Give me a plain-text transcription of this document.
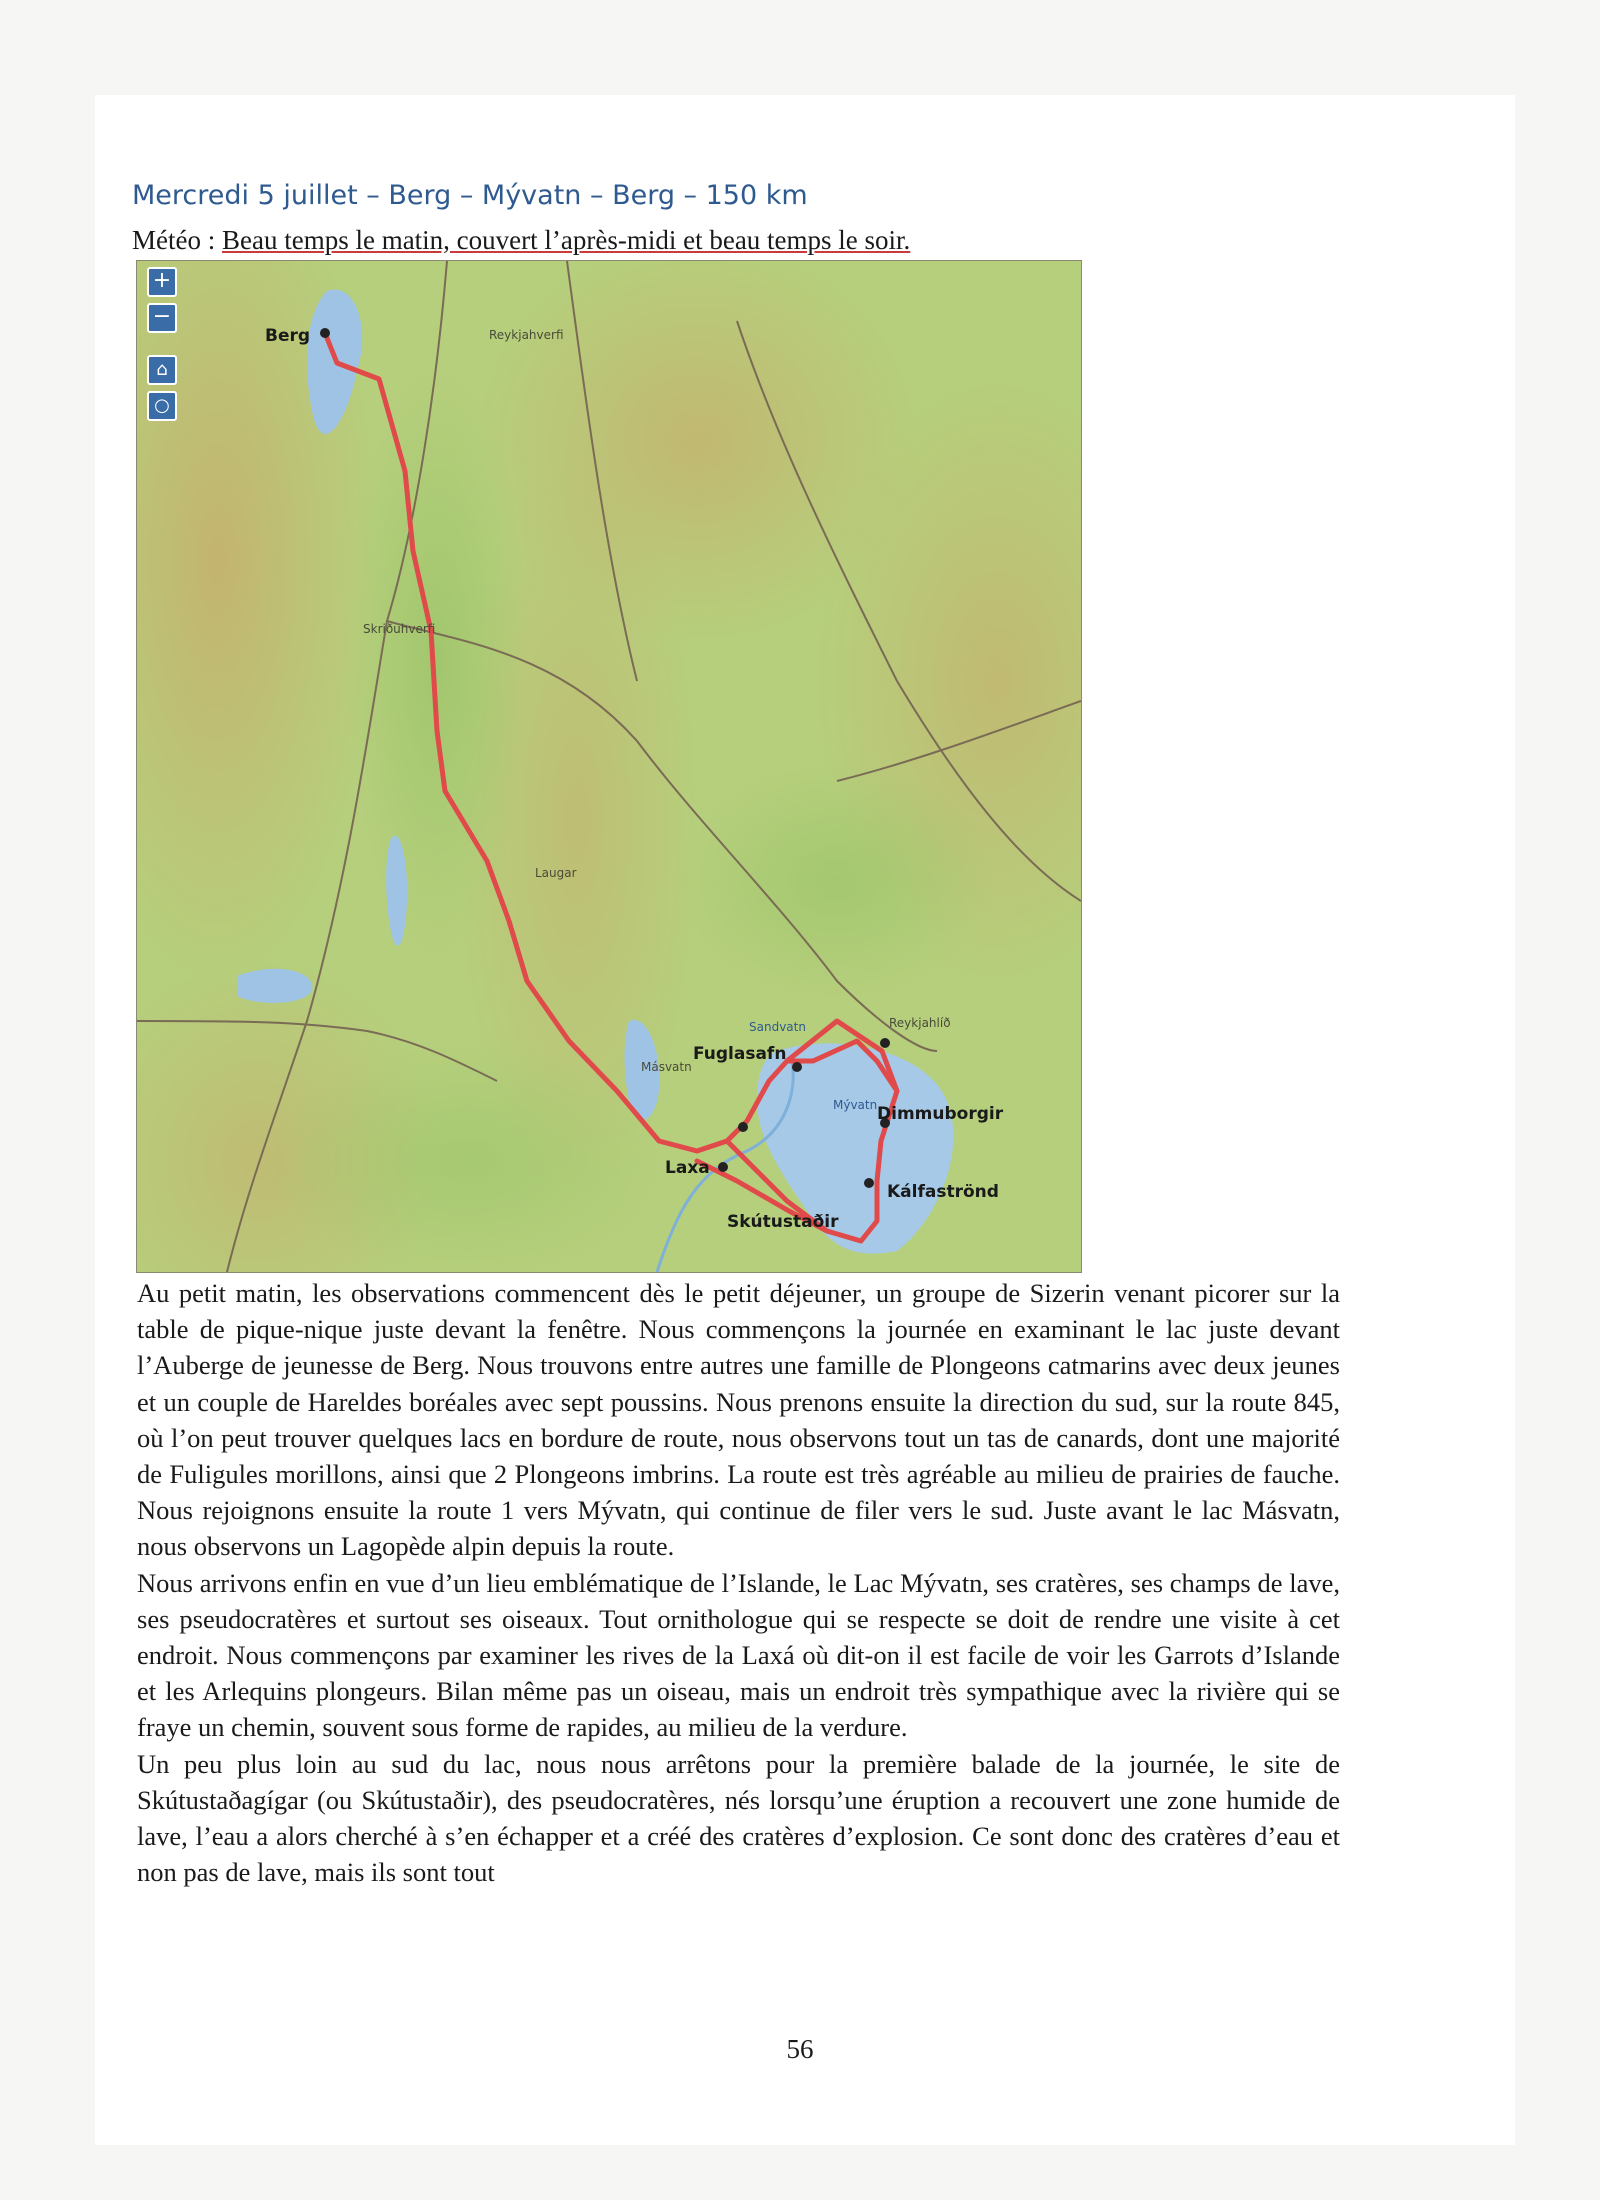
Mercredi 5 juillet – Berg – Mývatn – Berg – 150 km
Météo : Beau temps le matin, couvert l’après-midi et beau temps le soir.
Reykjahverfi
Skriðuhverfi
Laugar
Másvatn
Mývatn
Reykjahlíð
Sandvatn
Berg
Fuglasafn
Dimmuborgir
Laxa
Kálfaströnd
Skútustaðir
+
−
⌂
○

Au petit matin, les observations commencent dès le petit déjeuner, un groupe de Sizerin venant picorer sur la table de pique-nique juste devant la fenêtre. Nous commençons la journée en examinant le lac juste devant l’Auberge de jeunesse de Berg. Nous trouvons entre autres une famille de Plongeons catmarins avec deux jeunes et un couple de Hareldes boréales avec sept poussins. Nous prenons ensuite la direction du sud, sur la route 845, où l’on peut trouver quelques lacs en bordure de route, nous observons tout un tas de canards, dont une majorité de Fuligules morillons, ainsi que 2 Plongeons imbrins. La route est très agréable au milieu de prairies de fauche. Nous rejoignons ensuite la route 1 vers Mývatn, qui continue de filer vers le sud. Juste avant le lac Másvatn, nous observons un Lagopède alpin depuis la route.

Nous arrivons enfin en vue d’un lieu emblématique de l’Islande, le Lac Mývatn, ses cratères, ses champs de lave, ses pseudocratères et surtout ses oiseaux. Tout ornithologue qui se respecte se doit de rendre une visite à cet endroit. Nous commençons par examiner les rives de la Laxá où dit-on il est facile de voir les Garrots d’Islande et les Arlequins plongeurs. Bilan même pas un oiseau, mais un endroit très sympathique avec la rivière qui se fraye un chemin, souvent sous forme de rapides, au milieu de la verdure.

Un peu plus loin au sud du lac, nous nous arrêtons pour la première balade de la journée, le site de Skútustaðagígar (ou Skútustaðir), des pseudocratères, nés lorsqu’une éruption a recouvert une zone humide de lave, l’eau a alors cherché à s’en échapper et a créé des cratères d’explosion. Ce sont donc des cratères d’eau et non pas de lave, mais ils sont tout

56
